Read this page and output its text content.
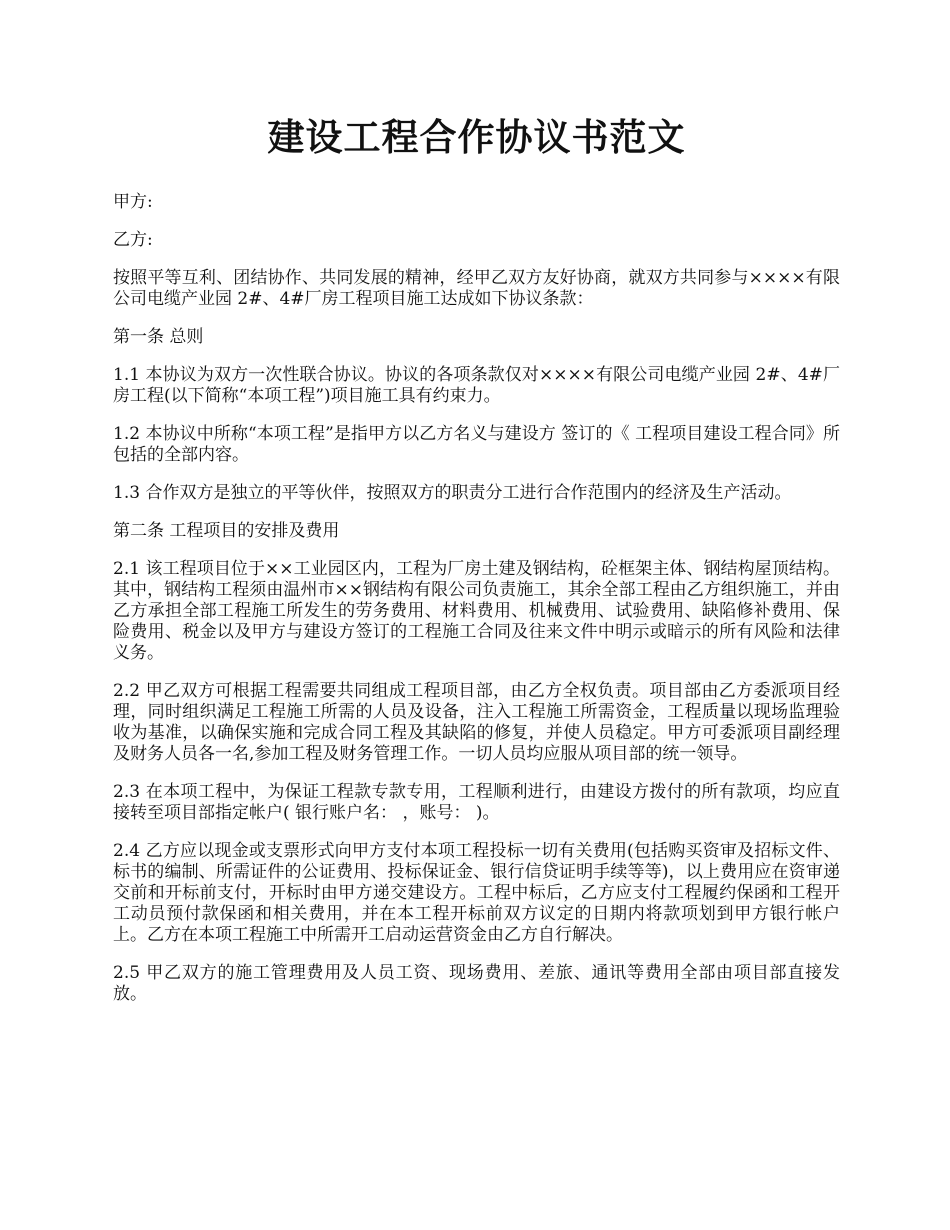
建设工程合作协议书范文

甲方:

乙方:

按照平等互利、团结协作、共同发展的精神，经甲乙双方友好协商，就双方共同参与××××有限公司电缆产业园 2#、4#厂房工程项目施工达成如下协议条款：

第一条 总则

1.1 本协议为双方一次性联合协议。协议的各项条款仅对××××有限公司电缆产业园 2#、4#厂房工程(以下简称“本项工程”)项目施工具有约束力。

1.2 本协议中所称“本项工程”是指甲方以乙方名义与建设方 签订的《 工程项目建设工程合同》所包括的全部内容。

1.3 合作双方是独立的平等伙伴，按照双方的职责分工进行合作范围内的经济及生产活动。

第二条 工程项目的安排及费用

2.1 该工程项目位于××工业园区内，工程为厂房土建及钢结构，砼框架主体、钢结构屋顶结构。其中，钢结构工程须由温州市××钢结构有限公司负责施工，其余全部工程由乙方组织施工，并由乙方承担全部工程施工所发生的劳务费用、材料费用、机械费用、试验费用、缺陷修补费用、保险费用、税金以及甲方与建设方签订的工程施工合同及往来文件中明示或暗示的所有风险和法律义务。

2.2 甲乙双方可根据工程需要共同组成工程项目部，由乙方全权负责。项目部由乙方委派项目经理，同时组织满足工程施工所需的人员及设备，注入工程施工所需资金，工程质量以现场监理验收为基准，以确保实施和完成合同工程及其缺陷的修复，并使人员稳定。甲方可委派项目副经理及财务人员各一名,参加工程及财务管理工作。一切人员均应服从项目部的统一领导。

2.3 在本项工程中，为保证工程款专款专用，工程顺利进行，由建设方拨付的所有款项，均应直接转至项目部指定帐户( 银行账户名： ，账号： )。

2.4 乙方应以现金或支票形式向甲方支付本项工程投标一切有关费用(包括购买资审及招标文件、标书的编制、所需证件的公证费用、投标保证金、银行信贷证明手续等等)，以上费用应在资审递交前和开标前支付，开标时由甲方递交建设方。工程中标后，乙方应支付工程履约保函和工程开工动员预付款保函和相关费用，并在本工程开标前双方议定的日期内将款项划到甲方银行帐户上。乙方在本项工程施工中所需开工启动运营资金由乙方自行解决。

2.5 甲乙双方的施工管理费用及人员工资、现场费用、差旅、通讯等费用全部由项目部直接发放。
